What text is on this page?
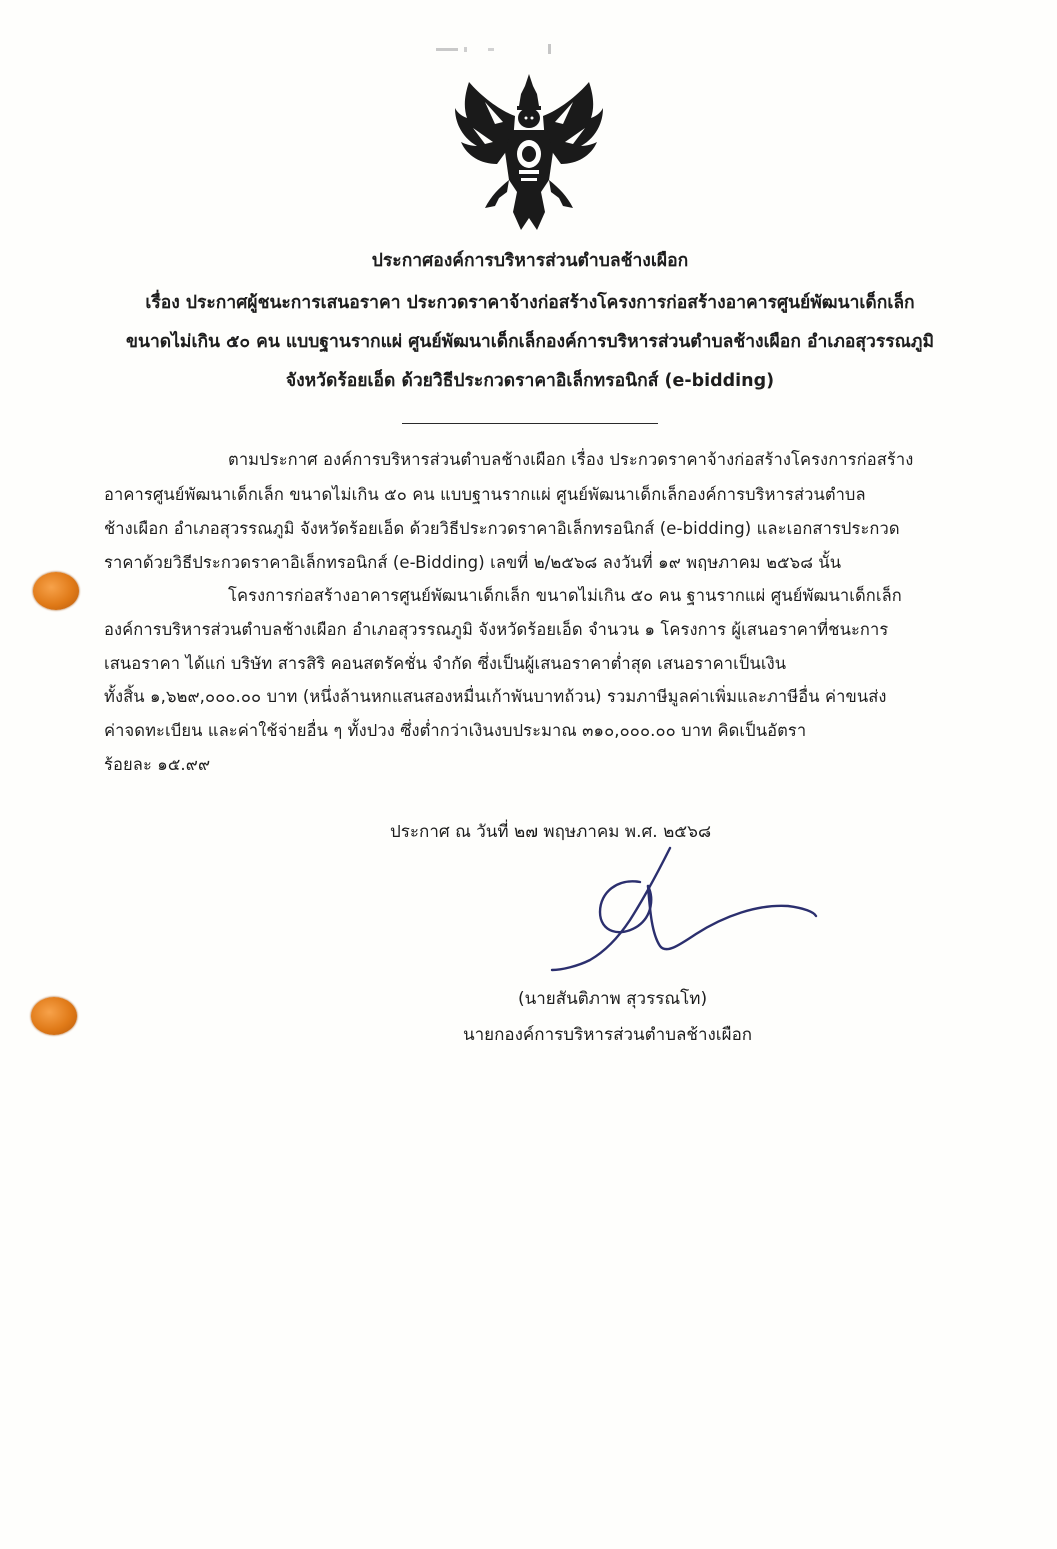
ประกาศองค์การบริหารส่วนตำบลช้างเผือก
เรื่อง ประกาศผู้ชนะการเสนอราคา ประกวดราคาจ้างก่อสร้างโครงการก่อสร้างอาคารศูนย์พัฒนาเด็กเล็ก
ขนาดไม่เกิน ๕๐ คน แบบฐานรากแผ่ ศูนย์พัฒนาเด็กเล็กองค์การบริหารส่วนตำบลช้างเผือก อำเภอสุวรรณภูมิ
จังหวัดร้อยเอ็ด ด้วยวิธีประกวดราคาอิเล็กทรอนิกส์ (e-bidding)
ตามประกาศ องค์การบริหารส่วนตำบลช้างเผือก เรื่อง ประกวดราคาจ้างก่อสร้างโครงการก่อสร้าง
อาคารศูนย์พัฒนาเด็กเล็ก ขนาดไม่เกิน ๕๐ คน แบบฐานรากแผ่ ศูนย์พัฒนาเด็กเล็กองค์การบริหารส่วนตำบล
ช้างเผือก อำเภอสุวรรณภูมิ จังหวัดร้อยเอ็ด ด้วยวิธีประกวดราคาอิเล็กทรอนิกส์ (e-bidding) และเอกสารประกวด
ราคาด้วยวิธีประกวดราคาอิเล็กทรอนิกส์ (e-Bidding) เลขที่ ๒/๒๕๖๘ ลงวันที่ ๑๙ พฤษภาคม ๒๕๖๘ นั้น
โครงการก่อสร้างอาคารศูนย์พัฒนาเด็กเล็ก ขนาดไม่เกิน ๕๐ คน ฐานรากแผ่ ศูนย์พัฒนาเด็กเล็ก
องค์การบริหารส่วนตำบลช้างเผือก อำเภอสุวรรณภูมิ จังหวัดร้อยเอ็ด จำนวน ๑ โครงการ ผู้เสนอราคาที่ชนะการ
เสนอราคา ได้แก่ บริษัท สารสิริ คอนสตรัคชั่น จำกัด ซึ่งเป็นผู้เสนอราคาต่ำสุด เสนอราคาเป็นเงิน
ทั้งสิ้น ๑,๖๒๙,๐๐๐.๐๐ บาท (หนึ่งล้านหกแสนสองหมื่นเก้าพันบาทถ้วน) รวมภาษีมูลค่าเพิ่มและภาษีอื่น ค่าขนส่ง
ค่าจดทะเบียน และค่าใช้จ่ายอื่น ๆ ทั้งปวง ซึ่งต่ำกว่าเงินงบประมาณ ๓๑๐,๐๐๐.๐๐ บาท คิดเป็นอัตรา
ร้อยละ ๑๕.๙๙
ประกาศ ณ วันที่ ๒๗ พฤษภาคม พ.ศ. ๒๕๖๘
(นายสันติภาพ สุวรรณโท)
นายกองค์การบริหารส่วนตำบลช้างเผือก
